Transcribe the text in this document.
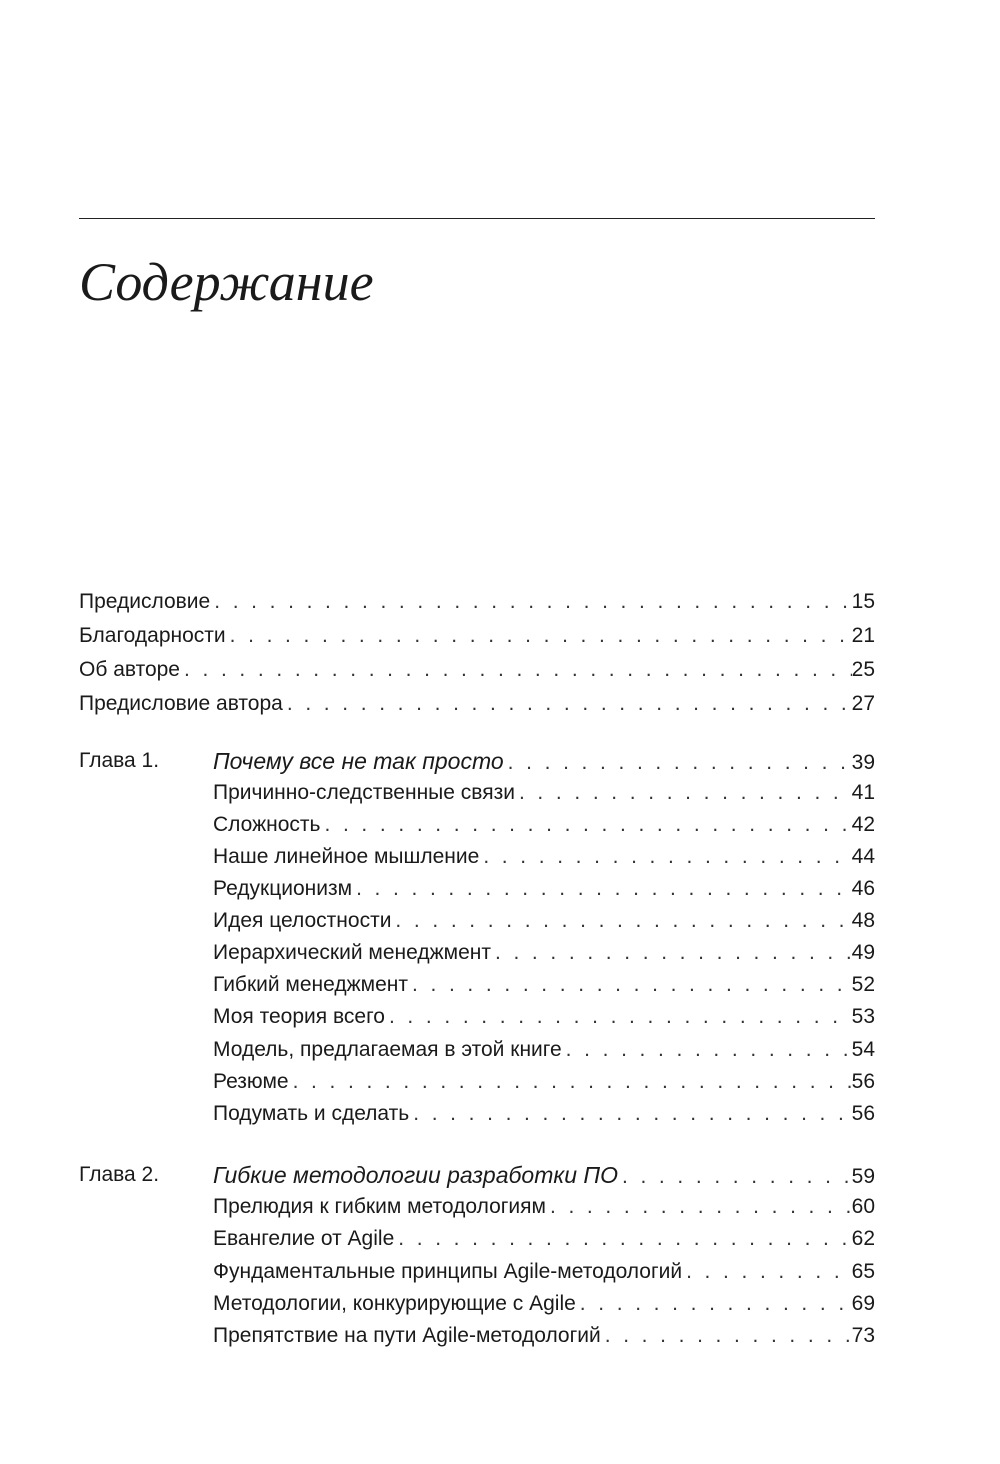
Содержание
Предисловие . . .	15
Благодарности . . .	21
Об авторе . . .	25
Предисловие автора . . .	27
Глава 1. Почему все не так просто . . .	39
Причинно-следственные связи . . .	41
Сложность . . .	42
Наше линейное мышление . . .	44
Редукционизм . . .	46
Идея целостности . . .	48
Иерархический менеджмент . . .	49
Гибкий менеджмент . . .	52
Моя теория всего . . .	53
Модель, предлагаемая в этой книге . . .	54
Резюме . . .	56
Подумать и сделать . . .	56
Глава 2. Гибкие методологии разработки ПО . . .	59
Прелюдия к гибким методологиям . . .	60
Евангелие от Agile . . .	62
Фундаментальные принципы Agile-методологий . . .	65
Методологии, конкурирующие с Agile . . .	69
Препятствие на пути Agile-методологий . . .	73
